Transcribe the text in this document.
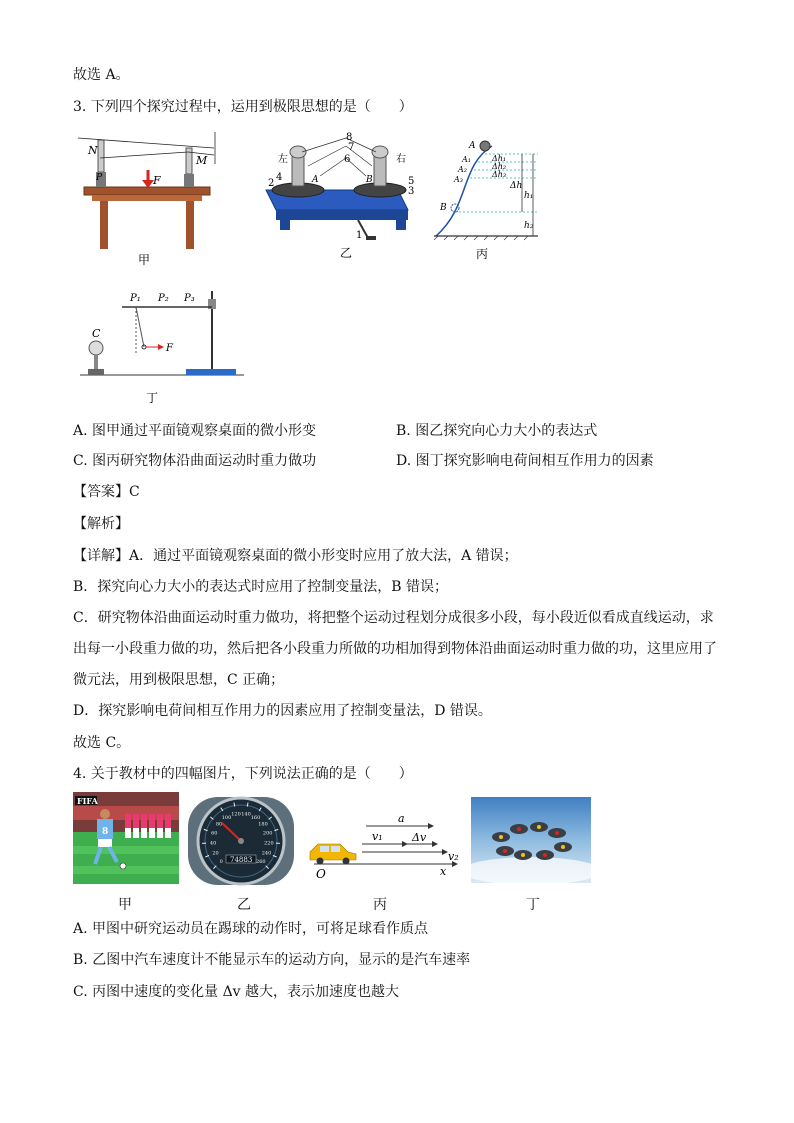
故选 A。
3. 下列四个探究过程中，运用到极限思想的是（　　）
N
M
F
P
甲
8
7
6
左	右
2
4	5
3
1
A	B
乙
A
A₁
A₂
A₃
B
Δh₁
Δh₂
Δh₃
Δh
h₁
h₂
丙
C
P₁ P₂ P₃
F
丁
A. 图甲通过平面镜观察桌面的微小形变	B. 图乙探究向心力大小的表达式
C. 图丙研究物体沿曲面运动时重力做功	D. 图丁探究影响电荷间相互作用力的因素
【答案】C
【解析】
【详解】A．通过平面镜观察桌面的微小形变时应用了放大法，A 错误；
B．探究向心力大小的表达式时应用了控制变量法，B 错误；
C．研究物体沿曲面运动时重力做功，将把整个运动过程划分成很多小段，每小段近似看成直线运动，求
出每一小段重力做的功，然后把各小段重力所做的功相加得到物体沿曲面运动时重力做的功，这里应用了
微元法，用到极限思想，C 正确；
D．探究影响电荷间相互作用力的因素应用了控制变量法，D 错误。
故选 C。
4. 关于教材中的四幅图片，下列说法正确的是（　　）
FIFA
8
甲
0
20
40
60
80
100
120 140
160
180
200
220
240
260
74883
乙
a
v₁	Δv
v₂
O	x
丙	丁
A. 甲图中研究运动员在踢球的动作时，可将足球看作质点
B. 乙图中汽车速度计不能显示车的运动方向，显示的是汽车速率
C. 丙图中速度的变化量 Δv 越大，表示加速度也越大
